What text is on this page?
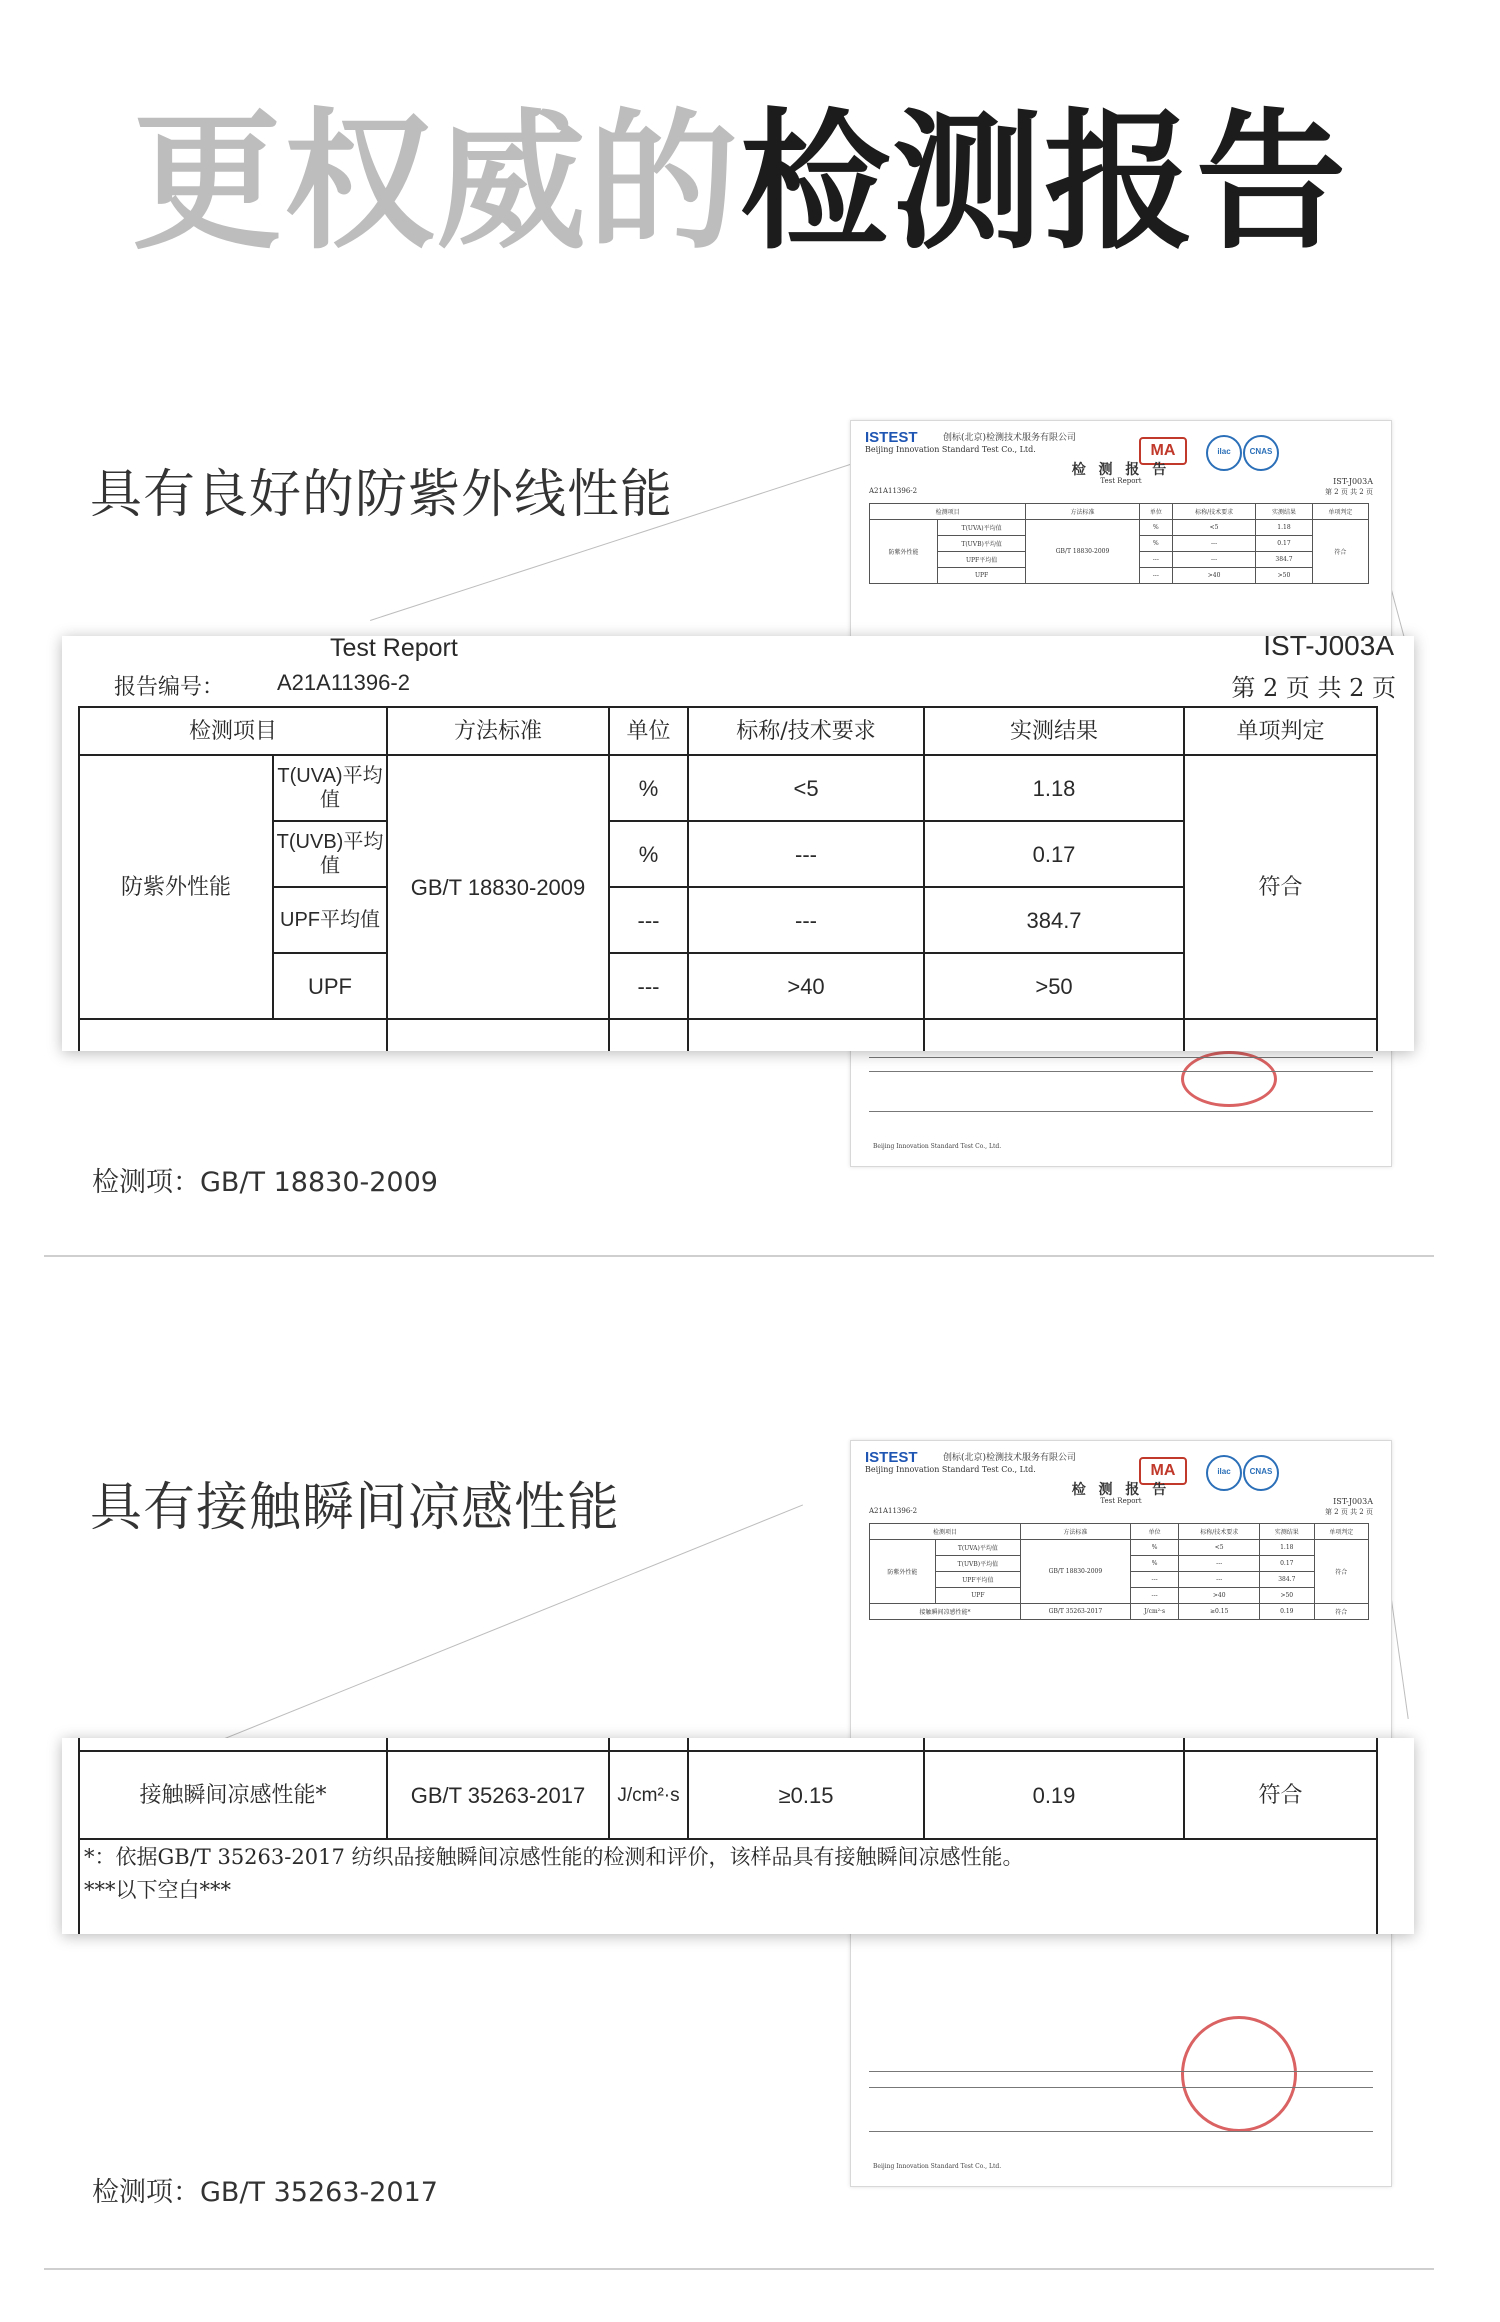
更权威的检测报告
具有良好的防紫外线性能
ISTEST	创标(北京)检测技术服务有限公司
Beijing Innovation Standard Test Co., Ltd.	MA	ilac	CNAS
检 测 报 告
Test Report	IST-J003A
A21A11396-2	第 2 页 共 2 页
检测项目		方法标准	单位	标称/技术要求	实测结果	单项判定
防紫外性能	T(UVA)平均值	GB/T 18830-2009	%	<5	1.18	符合
	T(UVB)平均值		%	---	0.17	
	UPF平均值		---	---	384.7	
	UPF		---	>40	>50	
Beijing Innovation Standard Test Co., Ltd.
Test Report	IST-J003A
报告编号： A21A11396-2	第 2 页 共 2 页
检测项目		方法标准	单位	标称/技术要求	实测结果	单项判定
防紫外性能	T(UVA)平均值	GB/T 18830-2009	%	<5	1.18	符合
	T(UVB)平均值		%	---	0.17	
	UPF平均值		---	---	384.7	
	UPF		---	>40	>50	

检测项：GB/T 18830-2009
具有接触瞬间凉感性能
ISTEST	创标(北京)检测技术服务有限公司
Beijing Innovation Standard Test Co., Ltd.	MA	ilac	CNAS
检 测 报 告
Test Report	IST-J003A
A21A11396-2	第 2 页 共 2 页
检测项目		方法标准	单位	标称/技术要求	实测结果	单项判定
防紫外性能	T(UVA)平均值	GB/T 18830-2009	%	<5	1.18	符合
	T(UVB)平均值		%	---	0.17	
	UPF平均值		---	---	384.7	
	UPF		---	>40	>50	
接触瞬间凉感性能*		GB/T 35263-2017	J/cm²·s	≥0.15	0.19	符合
Beijing Innovation Standard Test Co., Ltd.

接触瞬间凉感性能*	GB/T 35263-2017	J/cm²·s	≥0.15	0.19	符合

*：依据GB/T 35263-2017 纺织品接触瞬间凉感性能的检测和评价，该样品具有接触瞬间凉感性能。
***以下空白***					
检测项：GB/T 35263-2017
